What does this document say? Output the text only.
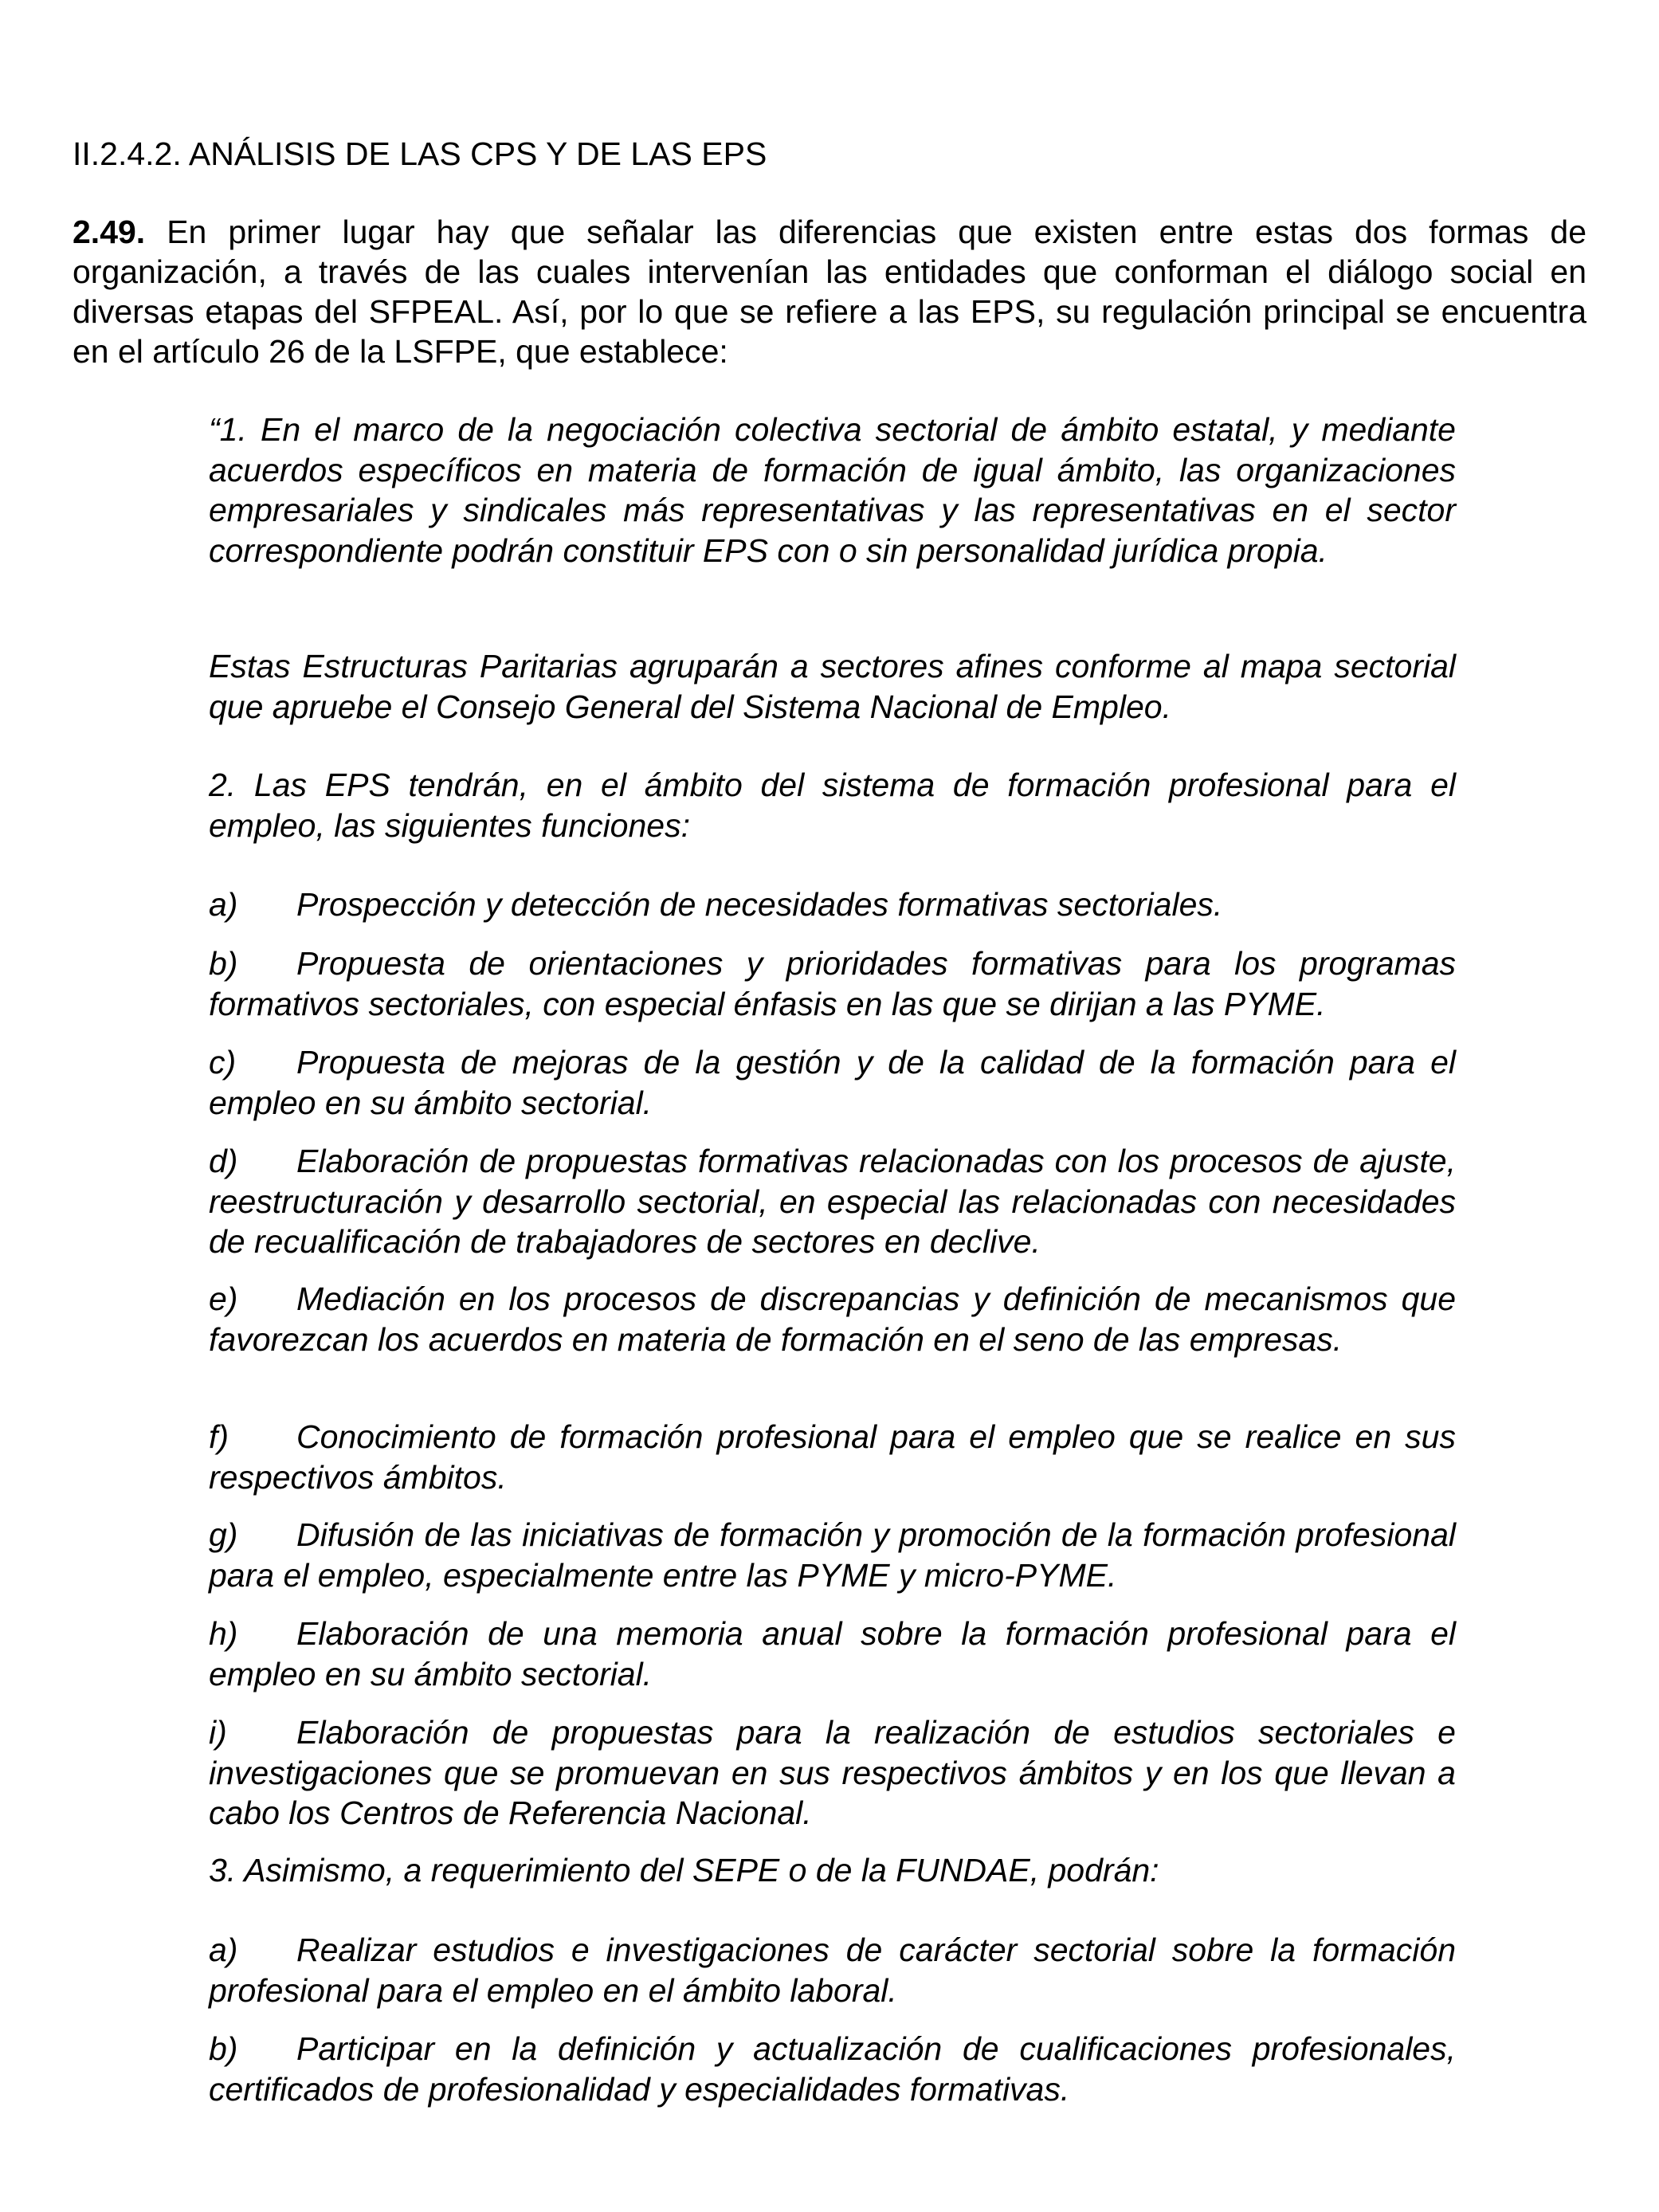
II.2.4.2. ANÁLISIS DE LAS CPS Y DE LAS EPS

2.49. En primer lugar hay que señalar las diferencias que existen entre estas dos formas de organización, a través de las cuales intervenían las entidades que conforman el diálogo social en diversas etapas del SFPEAL. Así, por lo que se refiere a las EPS, su regulación principal se encuentra en el artículo 26 de la LSFPE, que establece:

“1. En el marco de la negociación colectiva sectorial de ámbito estatal, y mediante acuerdos específicos en materia de formación de igual ámbito, las organizaciones empresariales y sindicales más representativas y las representativas en el sector correspondiente podrán constituir EPS con o sin personalidad jurídica propia.

Estas Estructuras Paritarias agruparán a sectores afines conforme al mapa sectorial que apruebe el Consejo General del Sistema Nacional de Empleo.

2. Las EPS tendrán, en el ámbito del sistema de formación profesional para el empleo, las siguientes funciones:

a) Prospección y detección de necesidades formativas sectoriales.

b) Propuesta de orientaciones y prioridades formativas para los programas formativos sectoriales, con especial énfasis en las que se dirijan a las PYME.

c) Propuesta de mejoras de la gestión y de la calidad de la formación para el empleo en su ámbito sectorial.

d) Elaboración de propuestas formativas relacionadas con los procesos de ajuste, reestructuración y desarrollo sectorial, en especial las relacionadas con necesidades de recualificación de trabajadores de sectores en declive.

e) Mediación en los procesos de discrepancias y definición de mecanismos que favorezcan los acuerdos en materia de formación en el seno de las empresas.

f) Conocimiento de formación profesional para el empleo que se realice en sus respectivos ámbitos.

g) Difusión de las iniciativas de formación y promoción de la formación profesional para el empleo, especialmente entre las PYME y micro-PYME.

h) Elaboración de una memoria anual sobre la formación profesional para el empleo en su ámbito sectorial.

i) Elaboración de propuestas para la realización de estudios sectoriales e investigaciones que se promuevan en sus respectivos ámbitos y en los que llevan a cabo los Centros de Referencia Nacional.

3. Asimismo, a requerimiento del SEPE o de la FUNDAE, podrán:

a) Realizar estudios e investigaciones de carácter sectorial sobre la formación profesional para el empleo en el ámbito laboral.

b) Participar en la definición y actualización de cualificaciones profesionales, certificados de profesionalidad y especialidades formativas.
